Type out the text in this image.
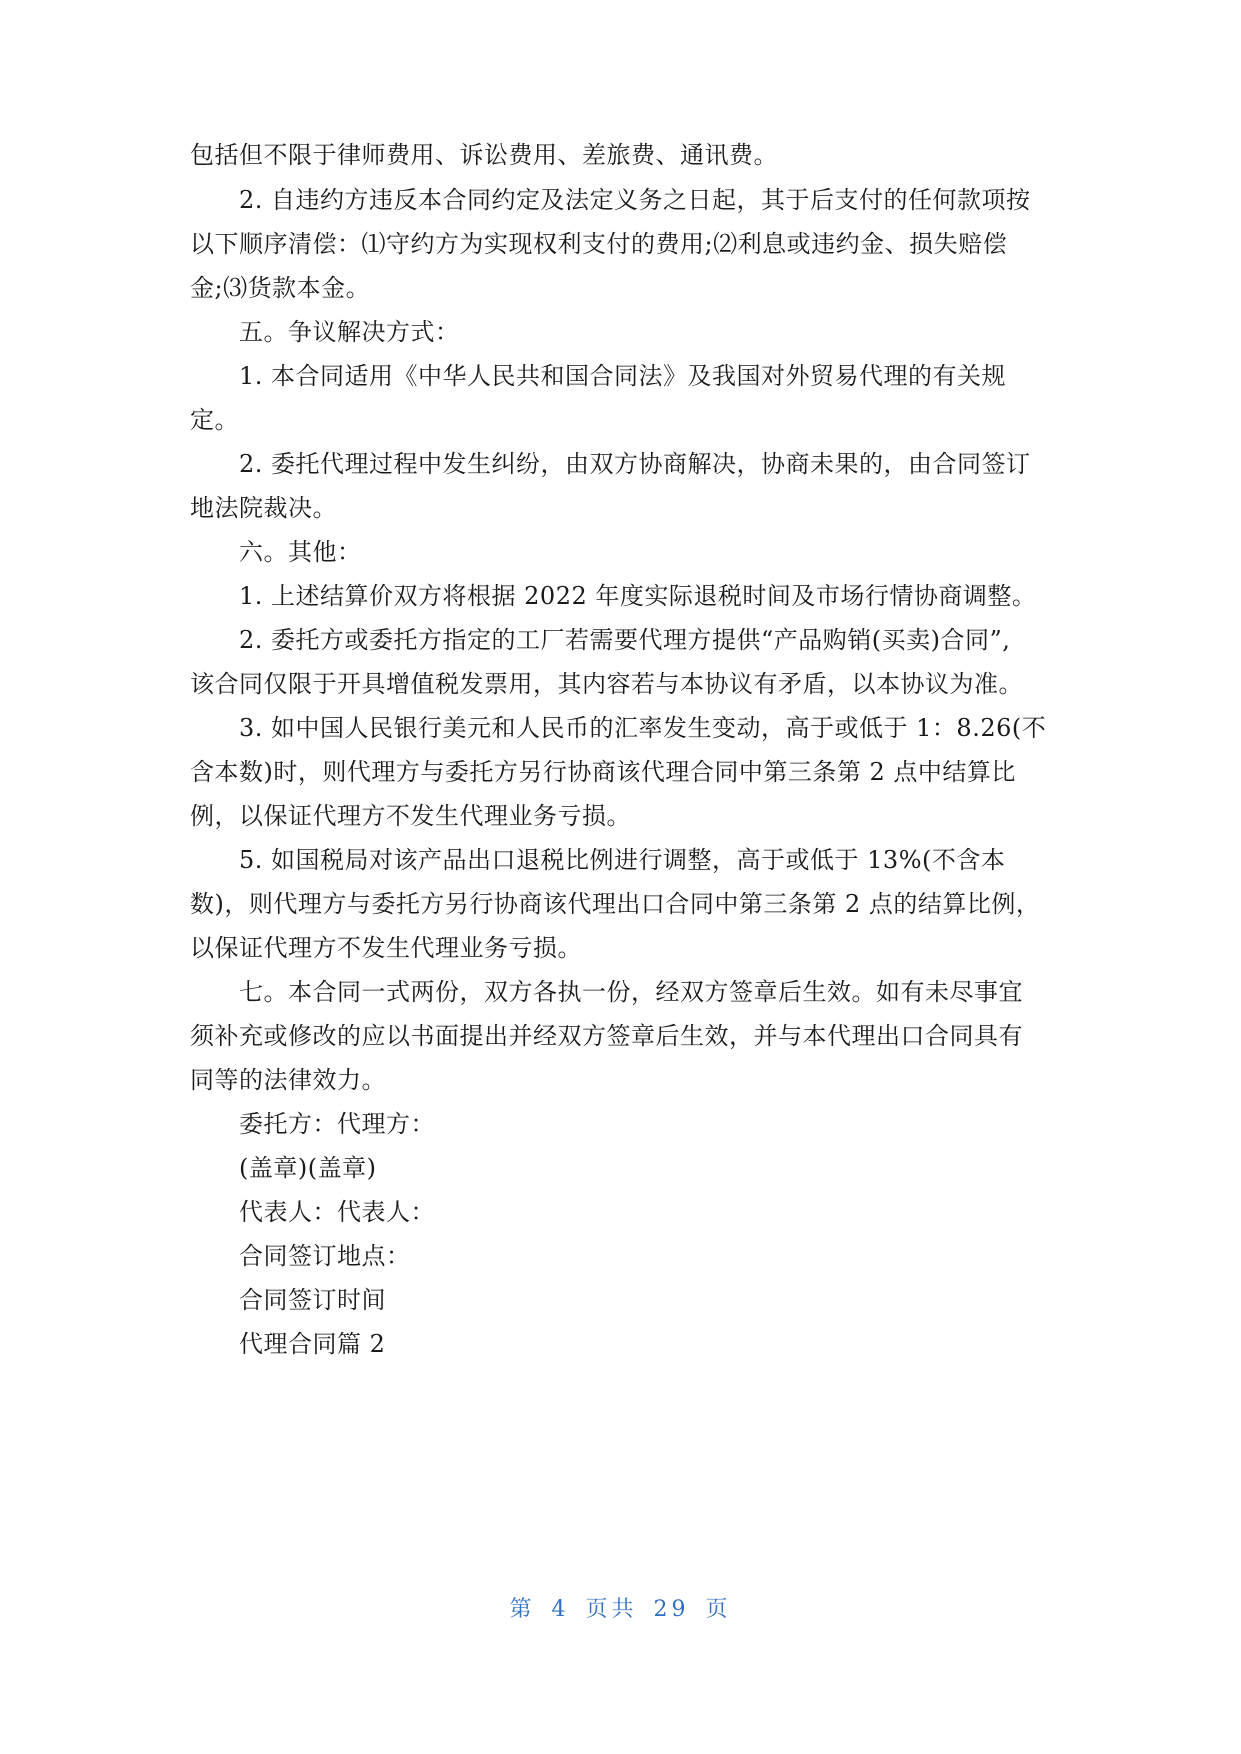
包括但不限于律师费用、诉讼费用、差旅费、通讯费。
2. 自违约方违反本合同约定及法定义务之日起，其于后支付的任何款项按
以下顺序清偿：⑴守约方为实现权利支付的费用;⑵利息或违约金、损失赔偿
金;⑶货款本金。
五。争议解决方式：
1. 本合同适用《中华人民共和国合同法》及我国对外贸易代理的有关规
定。
2. 委托代理过程中发生纠纷，由双方协商解决，协商未果的，由合同签订
地法院裁决。
六。其他：
1. 上述结算价双方将根据 2022 年度实际退税时间及市场行情协商调整。
2. 委托方或委托方指定的工厂若需要代理方提供“产品购销(买卖)合同”,
该合同仅限于开具增值税发票用，其内容若与本协议有矛盾，以本协议为准。
3. 如中国人民银行美元和人民币的汇率发生变动，高于或低于 1：8.26(不
含本数)时，则代理方与委托方另行协商该代理合同中第三条第 2 点中结算比
例，以保证代理方不发生代理业务亏损。
5. 如国税局对该产品出口退税比例进行调整，高于或低于 13%(不含本
数)，则代理方与委托方另行协商该代理出口合同中第三条第 2 点的结算比例，
以保证代理方不发生代理业务亏损。
七。本合同一式两份，双方各执一份，经双方签章后生效。如有未尽事宜
须补充或修改的应以书面提出并经双方签章后生效，并与本代理出口合同具有
同等的法律效力。
委托方：代理方：
(盖章)(盖章)
代表人：代表人：
合同签订地点：
合同签订时间
代理合同篇 2
第 4 页共 29 页
